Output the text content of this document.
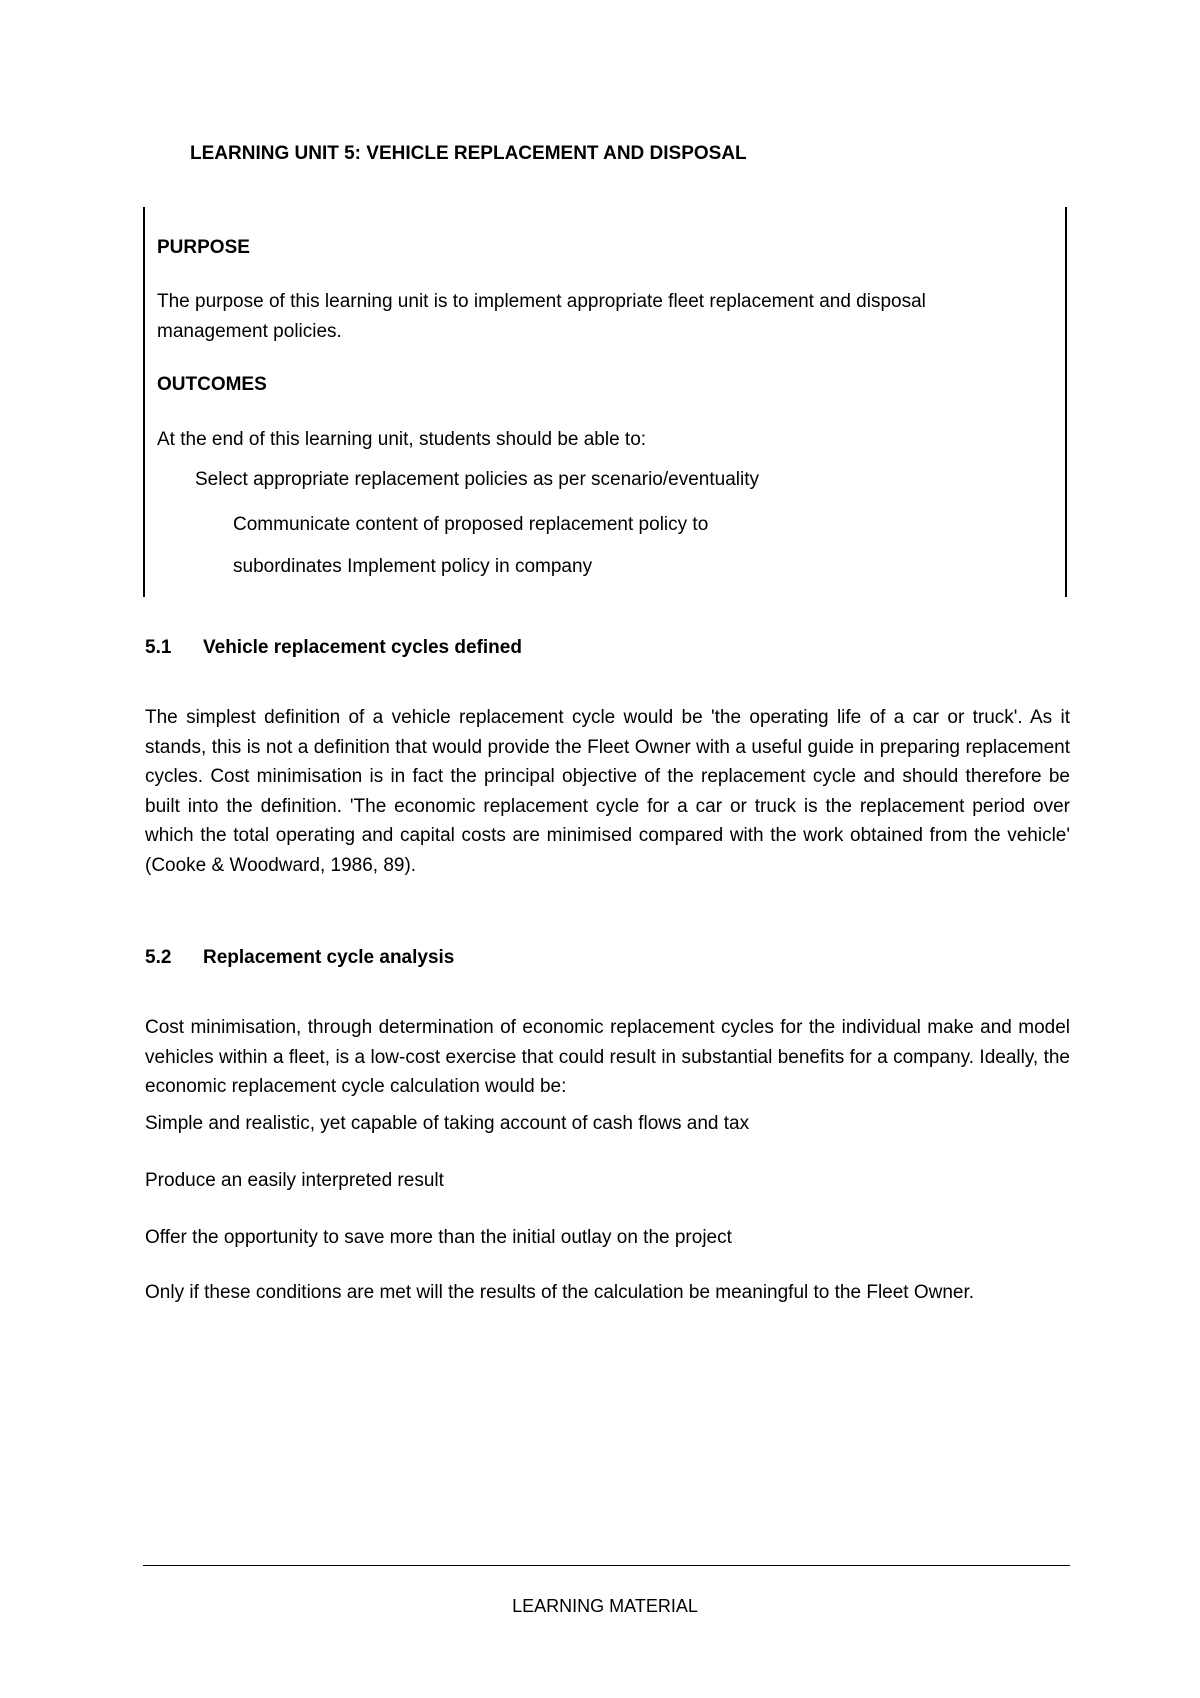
LEARNING UNIT 5: VEHICLE REPLACEMENT AND DISPOSAL
PURPOSE
The purpose of this learning unit is to implement appropriate fleet replacement and disposal management policies.
OUTCOMES
At the end of this learning unit, students should be able to:
Select appropriate replacement policies as per scenario/eventuality
Communicate content of proposed replacement policy to
subordinates Implement policy in company
5.1 Vehicle replacement cycles defined
The simplest definition of a vehicle replacement cycle would be 'the operating life of a car or truck'. As it stands, this is not a definition that would provide the Fleet Owner with a useful guide in preparing replacement cycles. Cost minimisation is in fact the principal objective of the replacement cycle and should therefore be built into the definition. 'The economic replacement cycle for a car or truck is the replacement period over which the total operating and capital costs are minimised compared with the work obtained from the vehicle' (Cooke & Woodward, 1986, 89).
5.2 Replacement cycle analysis
Cost minimisation, through determination of economic replacement cycles for the individual make and model vehicles within a fleet, is a low-cost exercise that could result in substantial benefits for a company. Ideally, the economic replacement cycle calculation would be:
Simple and realistic, yet capable of taking account of cash flows and tax
Produce an easily interpreted result
Offer the opportunity to save more than the initial outlay on the project
Only if these conditions are met will the results of the calculation be meaningful to the Fleet Owner.
LEARNING MATERIAL
